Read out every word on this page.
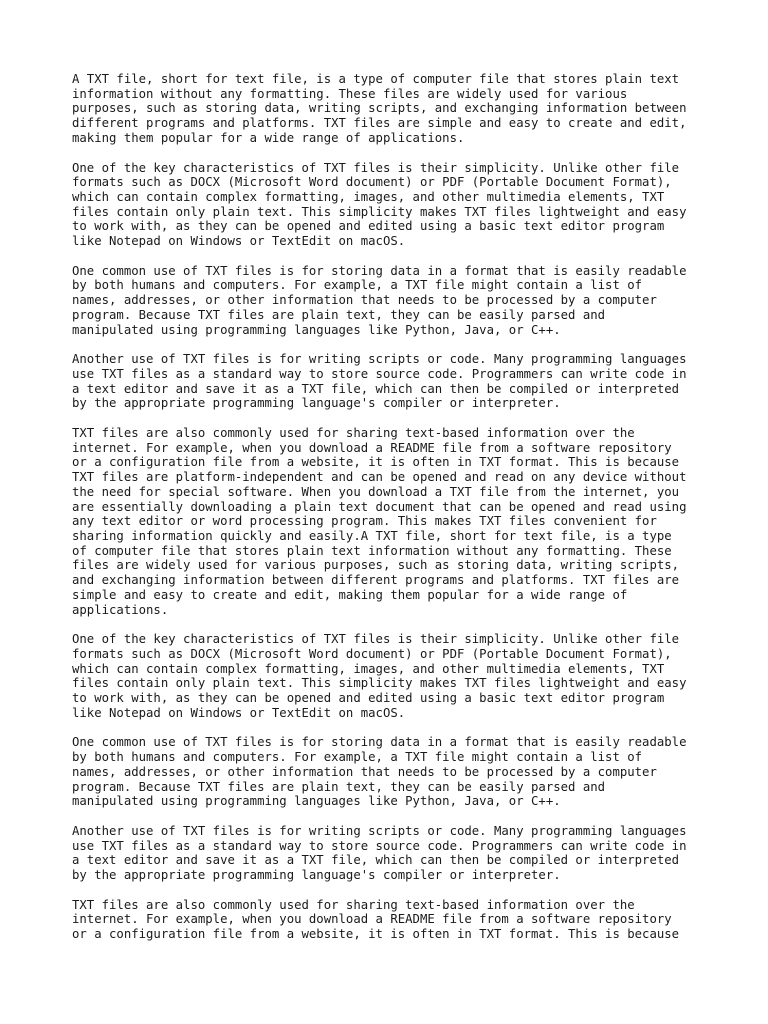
A TXT file, short for text file, is a type of computer file that stores plain text
information without any formatting. These files are widely used for various
purposes, such as storing data, writing scripts, and exchanging information between
different programs and platforms. TXT files are simple and easy to create and edit,
making them popular for a wide range of applications.

One of the key characteristics of TXT files is their simplicity. Unlike other file
formats such as DOCX (Microsoft Word document) or PDF (Portable Document Format),
which can contain complex formatting, images, and other multimedia elements, TXT
files contain only plain text. This simplicity makes TXT files lightweight and easy
to work with, as they can be opened and edited using a basic text editor program
like Notepad on Windows or TextEdit on macOS.

One common use of TXT files is for storing data in a format that is easily readable
by both humans and computers. For example, a TXT file might contain a list of
names, addresses, or other information that needs to be processed by a computer
program. Because TXT files are plain text, they can be easily parsed and
manipulated using programming languages like Python, Java, or C++.

Another use of TXT files is for writing scripts or code. Many programming languages
use TXT files as a standard way to store source code. Programmers can write code in
a text editor and save it as a TXT file, which can then be compiled or interpreted
by the appropriate programming language's compiler or interpreter.

TXT files are also commonly used for sharing text-based information over the
internet. For example, when you download a README file from a software repository
or a configuration file from a website, it is often in TXT format. This is because
TXT files are platform-independent and can be opened and read on any device without
the need for special software. When you download a TXT file from the internet, you
are essentially downloading a plain text document that can be opened and read using
any text editor or word processing program. This makes TXT files convenient for
sharing information quickly and easily.A TXT file, short for text file, is a type
of computer file that stores plain text information without any formatting. These
files are widely used for various purposes, such as storing data, writing scripts,
and exchanging information between different programs and platforms. TXT files are
simple and easy to create and edit, making them popular for a wide range of
applications.

One of the key characteristics of TXT files is their simplicity. Unlike other file
formats such as DOCX (Microsoft Word document) or PDF (Portable Document Format),
which can contain complex formatting, images, and other multimedia elements, TXT
files contain only plain text. This simplicity makes TXT files lightweight and easy
to work with, as they can be opened and edited using a basic text editor program
like Notepad on Windows or TextEdit on macOS.

One common use of TXT files is for storing data in a format that is easily readable
by both humans and computers. For example, a TXT file might contain a list of
names, addresses, or other information that needs to be processed by a computer
program. Because TXT files are plain text, they can be easily parsed and
manipulated using programming languages like Python, Java, or C++.

Another use of TXT files is for writing scripts or code. Many programming languages
use TXT files as a standard way to store source code. Programmers can write code in
a text editor and save it as a TXT file, which can then be compiled or interpreted
by the appropriate programming language's compiler or interpreter.

TXT files are also commonly used for sharing text-based information over the
internet. For example, when you download a README file from a software repository
or a configuration file from a website, it is often in TXT format. This is because
